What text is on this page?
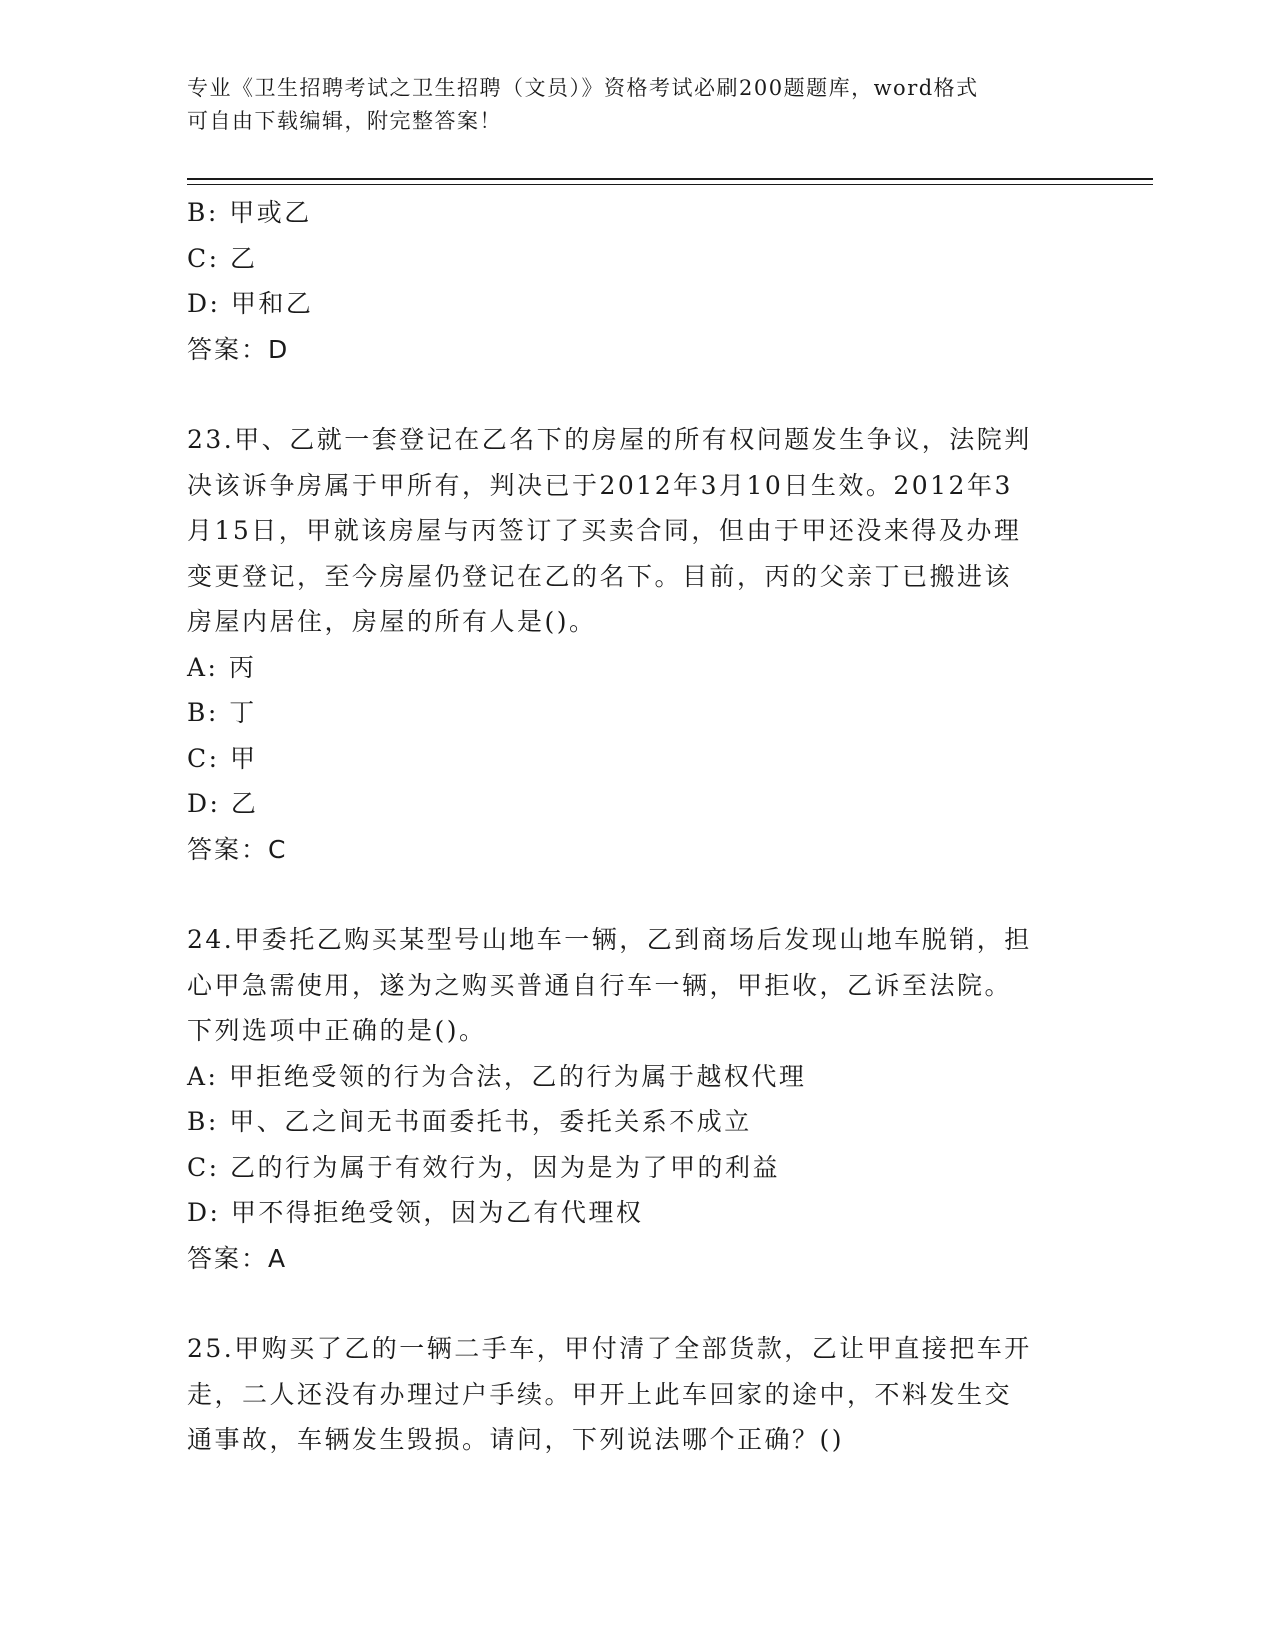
专业《卫生招聘考试之卫生招聘（文员）》资格考试必刷200题题库，word格式
可自由下载编辑，附完整答案！
B: 甲或乙
C: 乙
D: 甲和乙
答案：D
23.甲、乙就一套登记在乙名下的房屋的所有权问题发生争议，法院判
决该诉争房属于甲所有，判决已于2012年3月10日生效。2012年3
月15日，甲就该房屋与丙签订了买卖合同，但由于甲还没来得及办理
变更登记，至今房屋仍登记在乙的名下。目前，丙的父亲丁已搬进该
房屋内居住，房屋的所有人是()。
A: 丙
B: 丁
C: 甲
D: 乙
答案：C
24.甲委托乙购买某型号山地车一辆，乙到商场后发现山地车脱销，担
心甲急需使用，遂为之购买普通自行车一辆，甲拒收，乙诉至法院。
下列选项中正确的是()。
A: 甲拒绝受领的行为合法，乙的行为属于越权代理
B: 甲、乙之间无书面委托书，委托关系不成立
C: 乙的行为属于有效行为，因为是为了甲的利益
D: 甲不得拒绝受领，因为乙有代理权
答案：A
25.甲购买了乙的一辆二手车，甲付清了全部货款，乙让甲直接把车开
走，二人还没有办理过户手续。甲开上此车回家的途中，不料发生交
通事故，车辆发生毁损。请问，下列说法哪个正确？()
